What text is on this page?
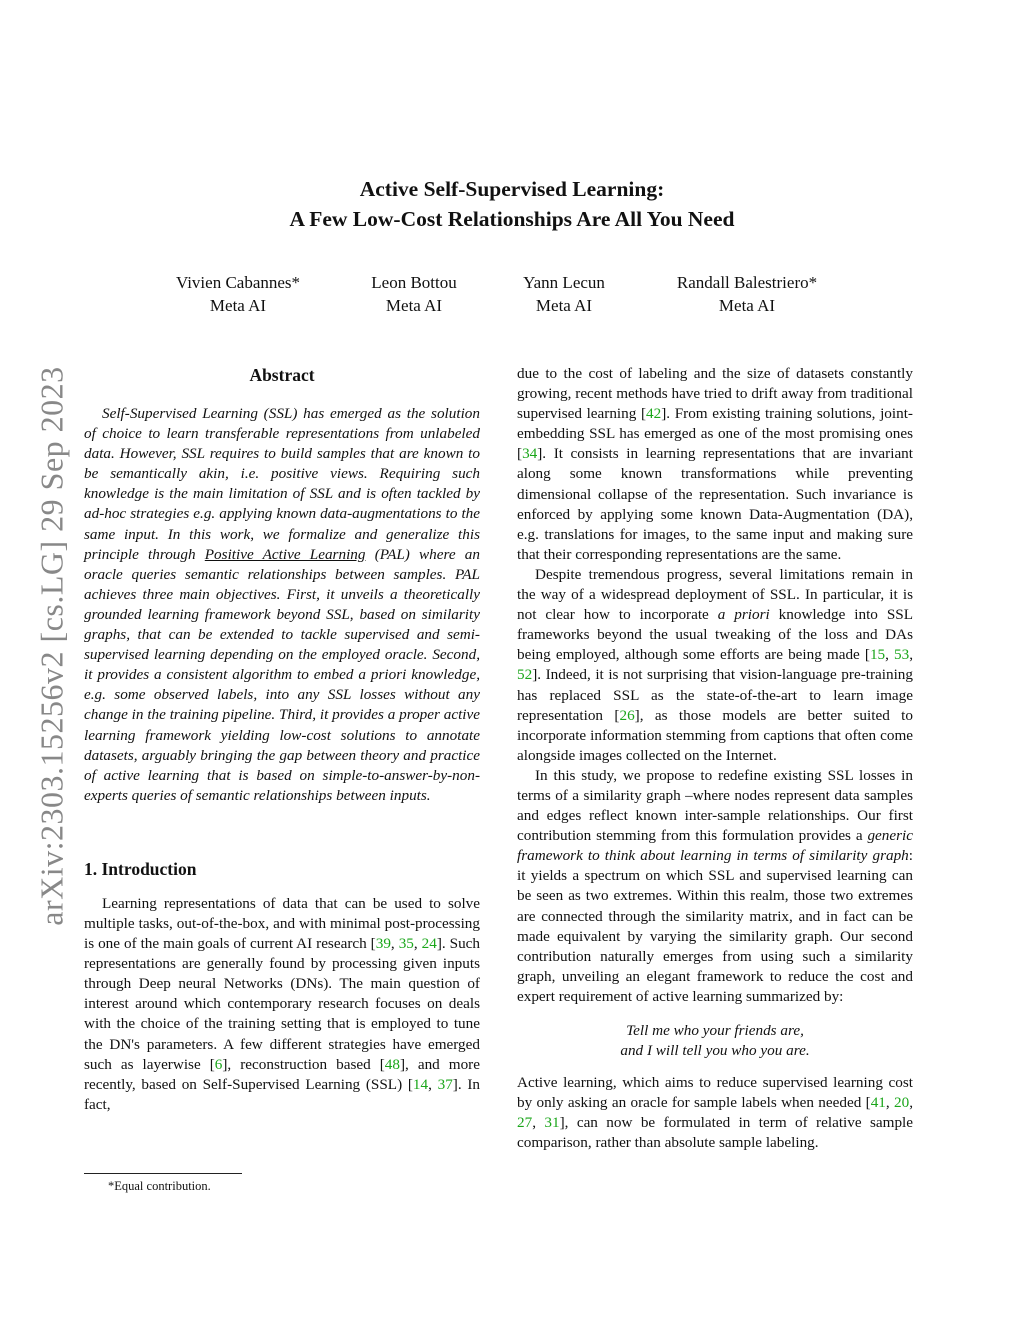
Active Self-Supervised Learning:
A Few Low-Cost Relationships Are All You Need
Vivien Cabannes*
Meta AI
Leon Bottou
Meta AI
Yann Lecun
Meta AI
Randall Balestriero*
Meta AI
arXiv:2303.15256v2 [cs.LG] 29 Sep 2023	Abstract

Self-Supervised Learning (SSL) has emerged as the solution of choice to learn transferable representations from unlabeled data. However, SSL requires to build samples that are known to be semantically akin, i.e. positive views. Requiring such knowledge is the main limitation of SSL and is often tackled by ad-hoc strategies e.g. applying known data-augmentations to the same input. In this work, we formalize and generalize this principle through Positive Active Learning (PAL) where an oracle queries semantic relationships between samples. PAL achieves three main objectives. First, it unveils a theoretically grounded learning framework beyond SSL, based on similarity graphs, that can be extended to tackle supervised and semi-supervised learning depending on the employed oracle. Second, it provides a consistent algorithm to embed a priori knowledge, e.g. some observed labels, into any SSL losses without any change in the training pipeline. Third, it provides a proper active learning framework yielding low-cost solutions to annotate datasets, arguably bringing the gap between theory and practice of active learning that is based on simple-to-answer-by-non-experts queries of semantic relationships between inputs.

1. Introduction

Learning representations of data that can be used to solve multiple tasks, out-of-the-box, and with minimal post-processing is one of the main goals of current AI research [39, 35, 24]. Such representations are generally found by processing given inputs through Deep neural Networks (DNs). The main question of interest around which contemporary research focuses on deals with the choice of the training setting that is employed to tune the DN's parameters. A few different strategies have emerged such as layerwise [6], reconstruction based [48], and more recently, based on Self-Supervised Learning (SSL) [14, 37]. In fact,

due to the cost of labeling and the size of datasets constantly growing, recent methods have tried to drift away from traditional supervised learning [42]. From existing training solutions, joint-embedding SSL has emerged as one of the most promising ones [34]. It consists in learning representations that are invariant along some known transformations while preventing dimensional collapse of the representation. Such invariance is enforced by applying some known Data-Augmentation (DA), e.g. translations for images, to the same input and making sure that their corresponding representations are the same.

Despite tremendous progress, several limitations remain in the way of a widespread deployment of SSL. In particular, it is not clear how to incorporate a priori knowledge into SSL frameworks beyond the usual tweaking of the loss and DAs being employed, although some efforts are being made [15, 53, 52]. Indeed, it is not surprising that vision-language pre-training has replaced SSL as the state-of-the-art to learn image representation [26], as those models are better suited to incorporate information stemming from captions that often come alongside images collected on the Internet.

In this study, we propose to redefine existing SSL losses in terms of a similarity graph –where nodes represent data samples and edges reflect known inter-sample relationships. Our first contribution stemming from this formulation provides a generic framework to think about learning in terms of similarity graph: it yields a spectrum on which SSL and supervised learning can be seen as two extremes. Within this realm, those two extremes are connected through the similarity matrix, and in fact can be made equivalent by varying the similarity graph. Our second contribution naturally emerges from using such a similarity graph, unveiling an elegant framework to reduce the cost and expert requirement of active learning summarized by:

Tell me who your friends are,
and I will tell you who you are.

Active learning, which aims to reduce supervised learning cost by only asking an oracle for sample labels when needed [41, 20, 27, 31], can now be formulated in term of relative sample comparison, rather than absolute sample labeling.

*Equal contribution.
